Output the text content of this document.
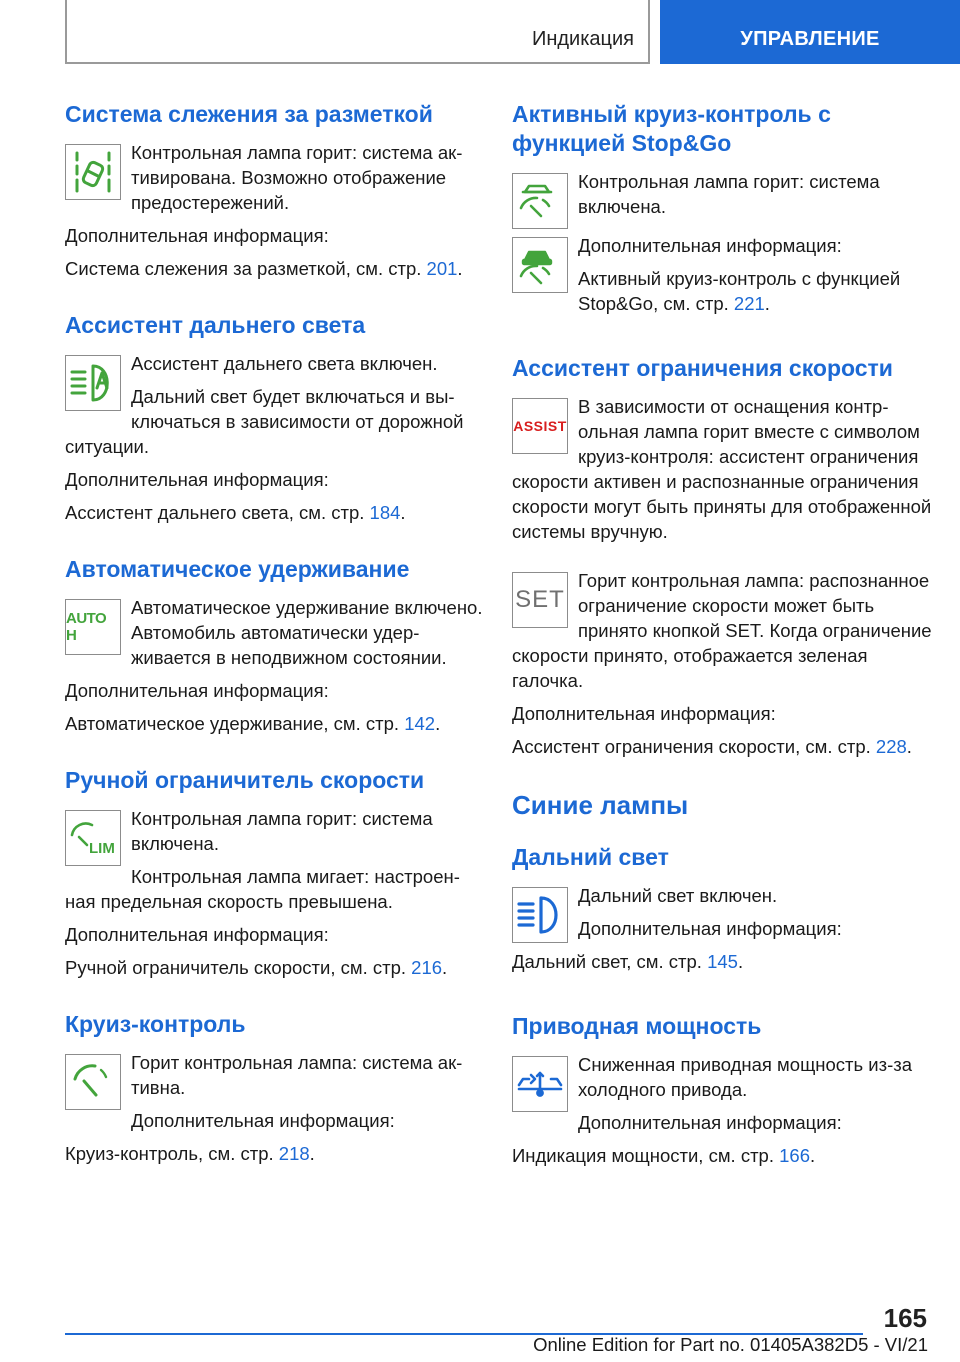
Индикация	УПРАВЛЕНИЕ
Система слежения за разметкой

Контрольная лампа горит: система активирована. Возможно отображение предостережений.

Дополнительная информация:

Система слежения за разметкой, см. стр. 201.

Ассистент дальнего света

Ассистент дальнего света включен.

Дальний свет будет включаться и выключаться в зависимости от дорожной ситуации.

Дополнительная информация:

Ассистент дальнего света, см. стр. 184.

Автоматическое удерживание
AUTO H

Автоматическое удерживание включено. Автомобиль автоматически удерживается в неподвижном состоянии.

Дополнительная информация:

Автоматическое удерживание, см. стр. 142.

Ручной ограничитель скорости
LIM

Контрольная лампа горит: система включена.

Контрольная лампа мигает: настроенная предельная скорость превышена.

Дополнительная информация:

Ручной ограничитель скорости, см. стр. 216.

Круиз-контроль

Горит контрольная лампа: система активна.

Дополнительная информация:

Круиз-контроль, см. стр. 218.

Активный круиз-контроль с функцией Stop&Go

Контрольная лампа горит: система включена.

Дополнительная информация:

Активный круиз-контроль с функцией Stop&Go, см. стр. 221.

Ассистент ограничения скорости
ASSIST

В зависимости от оснащения контрольная лампа горит вместе с символом круиз-контроля: ассистент ограничения скорости активен и распознанные ограничения скорости могут быть приняты для отображенной системы вручную.

SET

Горит контрольная лампа: распознанное ограничение скорости может быть принято кнопкой SET. Когда ограничение скорости принято, отображается зеленая галочка.

Дополнительная информация:

Ассистент ограничения скорости, см. стр. 228.

Синие лампы
Дальний свет

Дальний свет включен.

Дополнительная информация:

Дальний свет, см. стр. 145.

Приводная мощность

Сниженная приводная мощность из-за холодного привода.

Дополнительная информация:

Индикация мощности, см. стр. 166.

165
Online Edition for Part no. 01405A382D5 - VI/21
